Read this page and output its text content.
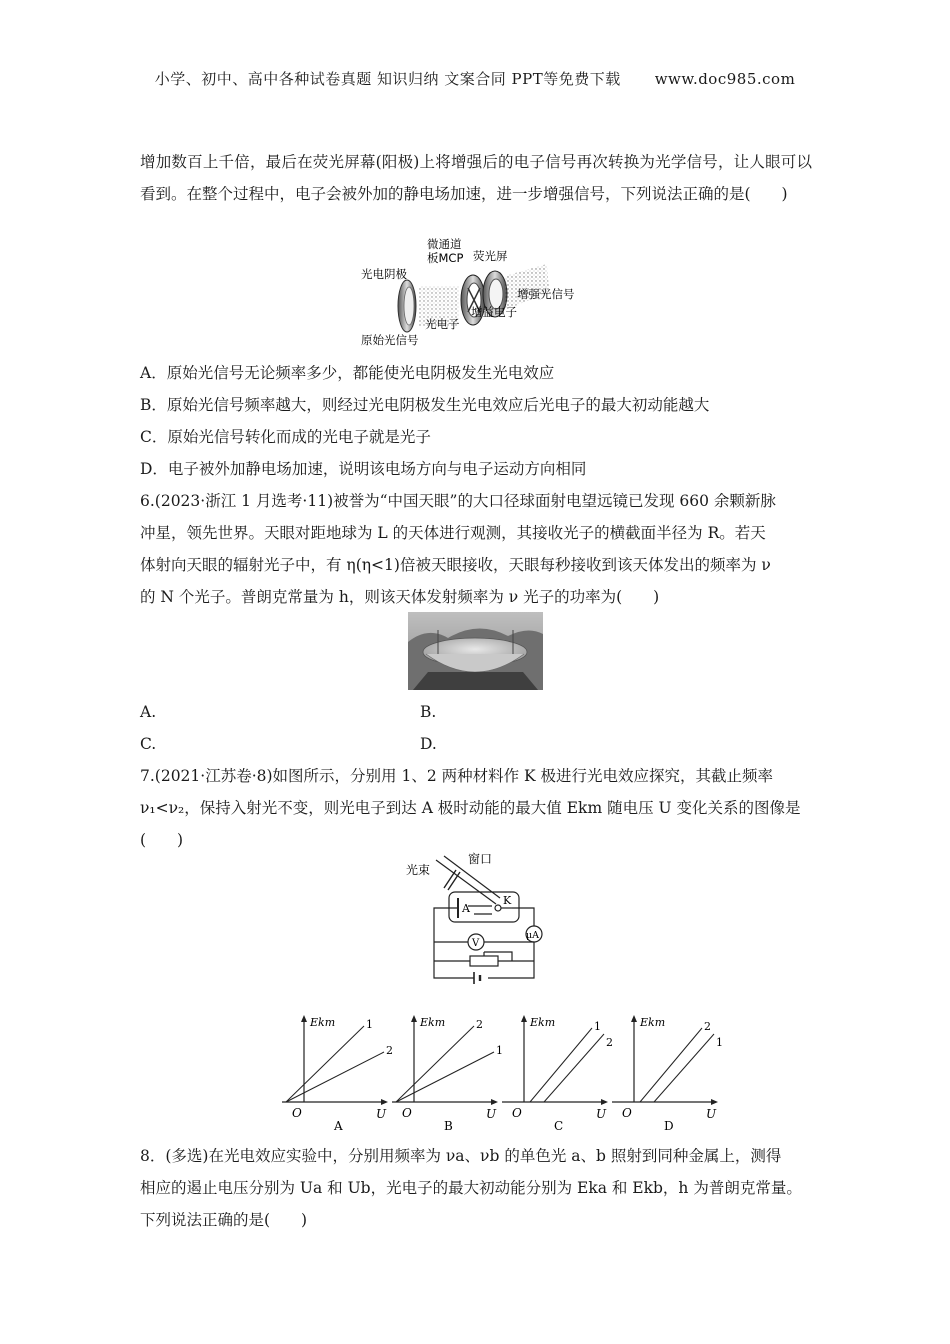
小学、初中、高中各种试卷真题 知识归纳 文案合同 PPT等免费下载 www.doc985.com

增加数百上千倍，最后在荧光屏幕(阳极)上将增强后的电子信号再次转换为光学信号，让人眼可以看到。在整个过程中，电子会被外加的静电场加速，进一步增强信号，下列说法正确的是(　　)

微通道
板MCP 荧光屏
光电阴极
增强光信号
增益电子
光电子
原始光信号

A．原始光信号无论频率多少，都能使光电阴极发生光电效应

B．原始光信号频率越大，则经过光电阴极发生光电效应后光电子的最大初动能越大

C．原始光信号转化而成的光电子就是光子

D．电子被外加静电场加速，说明该电场方向与电子运动方向相同

6.(2023·浙江 1 月选考·11)被誉为“中国天眼”的大口径球面射电望远镜已发现 660 余颗新脉
冲星，领先世界。天眼对距地球为 L 的天体进行观测，其接收光子的横截面半径为 R。若天
体射向天眼的辐射光子中，有 η(η<1)倍被天眼接收，天眼每秒接收到该天体发出的频率为 ν
的 N 个光子。普朗克常量为 h，则该天体发射频率为 ν 光子的功率为(　　)
A.	B.
C.	D.
7.(2021·江苏卷·8)如图所示，分别用 1、2 两种材料作 K 极进行光电效应探究，其截止频率
ν₁<ν₂，保持入射光不变，则光电子到达 A 极时动能的最大值 Ekm 随电压 U 变化关系的图像是
(　　)
光束
窗口
A
K
μA
V
1
2
Ekm
U
O
A
2
1
Ekm
U
O
B
1
2
Ekm
U
O
C
2
1
Ekm
U
O
D
8．(多选)在光电效应实验中，分别用频率为 νa、νb 的单色光 a、b 照射到同种金属上，测得
相应的遏止电压分别为 Ua 和 Ub，光电子的最大初动能分别为 Eka 和 Ekb，h 为普朗克常量。
下列说法正确的是(　　)
